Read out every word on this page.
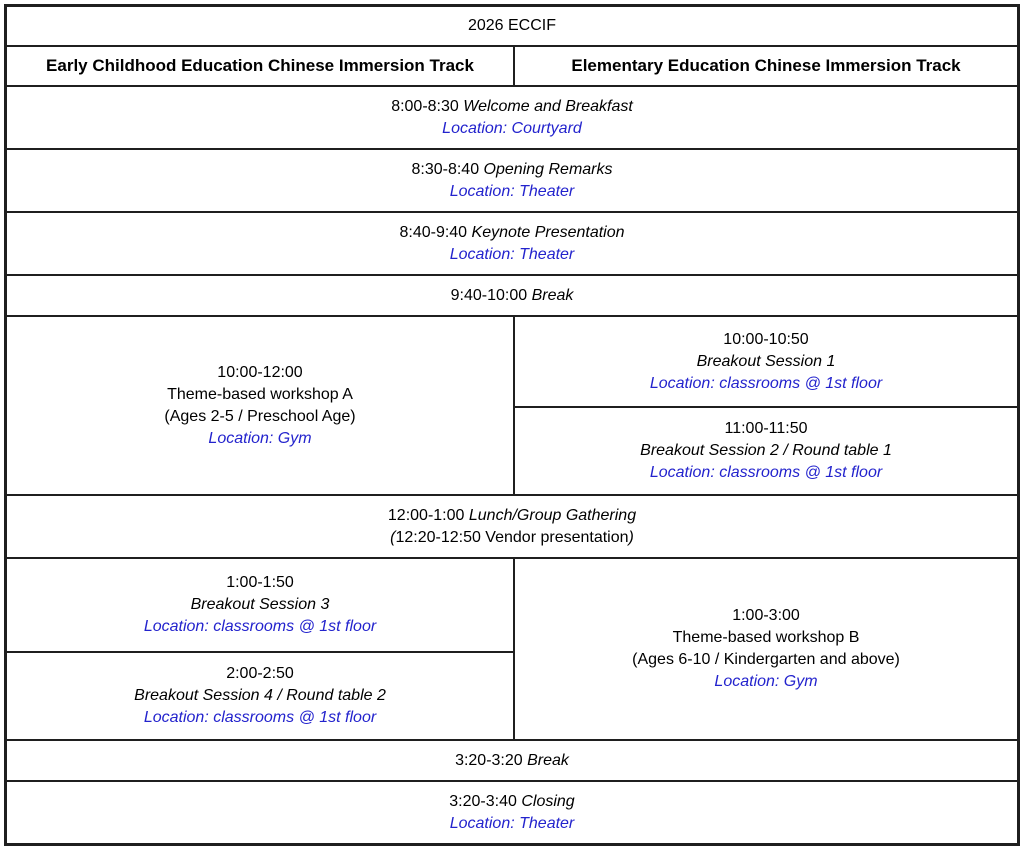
2026 ECCIF	
Early Childhood Education Chinese Immersion Track	Elementary Education Chinese Immersion Track

8:00-8:30 Welcome and Breakfast
Location: Courtyard	

8:30-8:40 Opening Remarks
Location: Theater	

8:40-9:40 Keynote Presentation
Location: Theater	

9:40-10:00 Break	

10:00-12:00
Theme-based workshop A
(Ages 2-5 / Preschool Age)
Location: Gym	10:00-10:50
Breakout Session 1
Location: classrooms @ 1st floor

	11:00-11:50
Breakout Session 2 / Round table 1
Location: classrooms @ 1st floor

12:00-1:00 Lunch/Group Gathering
(12:20-12:50 Vendor presentation)	

1:00-1:50
Breakout Session 3
Location: classrooms @ 1st floor	1:00-3:00
Theme-based workshop B
(Ages 6-10 / Kindergarten and above)
Location: Gym

2:00-2:50
Breakout Session 4 / Round table 2
Location: classrooms @ 1st floor	

3:20-3:20 Break	

3:20-3:40 Closing
Location: Theater	
